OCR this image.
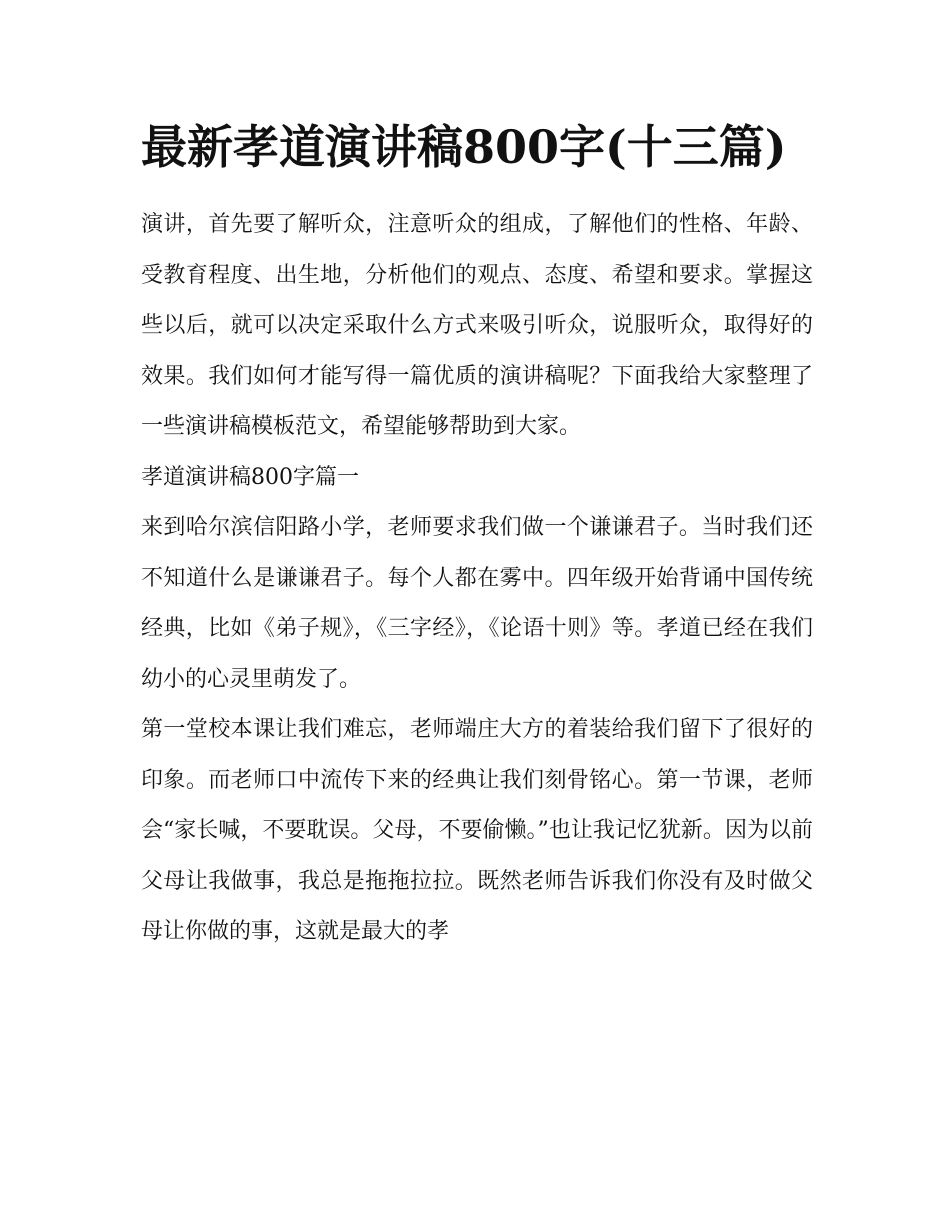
最新孝道演讲稿800字(十三篇)

演讲，首先要了解听众，注意听众的组成，了解他们的性格、年龄、受教育程度、出生地，分析他们的观点、态度、希望和要求。掌握这些以后，就可以决定采取什么方式来吸引听众，说服听众，取得好的效果。我们如何才能写得一篇优质的演讲稿呢？下面我给大家整理了一些演讲稿模板范文，希望能够帮助到大家。

孝道演讲稿800字篇一

来到哈尔滨信阳路小学，老师要求我们做一个谦谦君子。当时我们还不知道什么是谦谦君子。每个人都在雾中。四年级开始背诵中国传统经典，比如《弟子规》，《三字经》，《论语十则》等。孝道已经在我们幼小的心灵里萌发了。

第一堂校本课让我们难忘，老师端庄大方的着装给我们留下了很好的印象。而老师口中流传下来的经典让我们刻骨铭心。第一节课，老师会“家长喊，不要耽误。父母，不要偷懒。”也让我记忆犹新。因为以前父母让我做事，我总是拖拖拉拉。既然老师告诉我们你没有及时做父母让你做的事，这就是最大的孝
